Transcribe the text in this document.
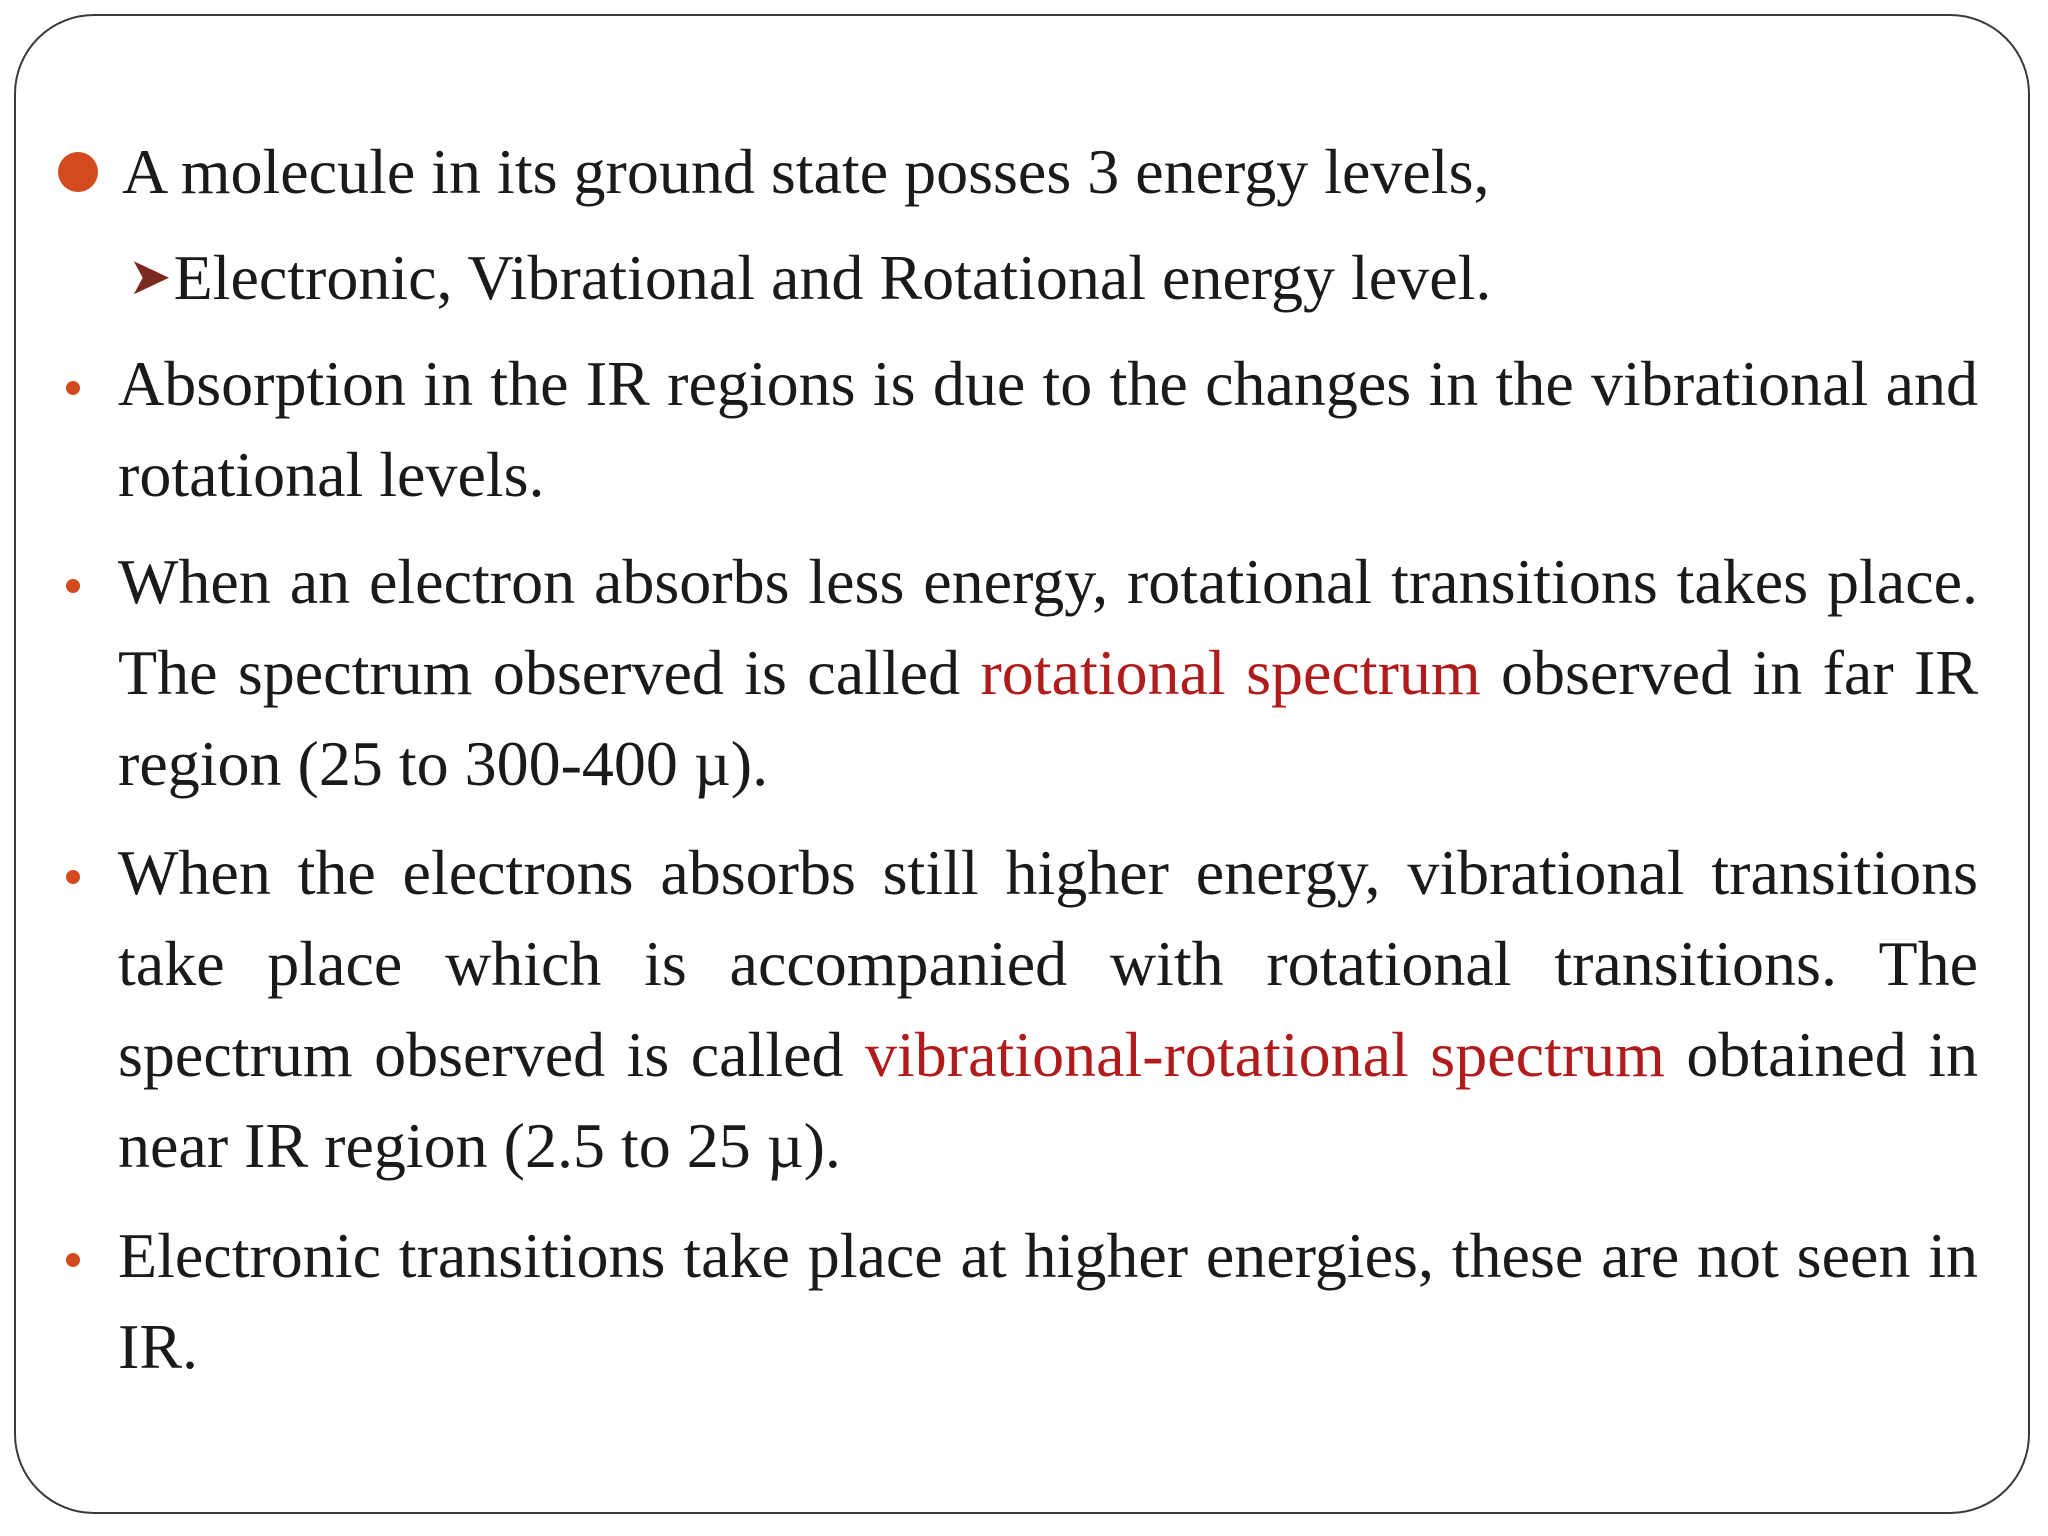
A molecule in its ground state posses 3 energy levels,
➤Electronic, Vibrational and Rotational energy level.
Absorption in the IR regions is due to the changes in the vibrational and rotational levels.
When an electron absorbs less energy, rotational transitions takes place. The spectrum observed is called rotational spectrum observed in far IR region (25 to 300-400 µ).
When the electrons absorbs still higher energy, vibrational transitions take place which is accompanied with rotational transitions. The spectrum observed is called vibrational-rotational spectrum obtained in near IR region (2.5 to 25 µ).
Electronic transitions take place at higher energies, these are not seen in IR.
